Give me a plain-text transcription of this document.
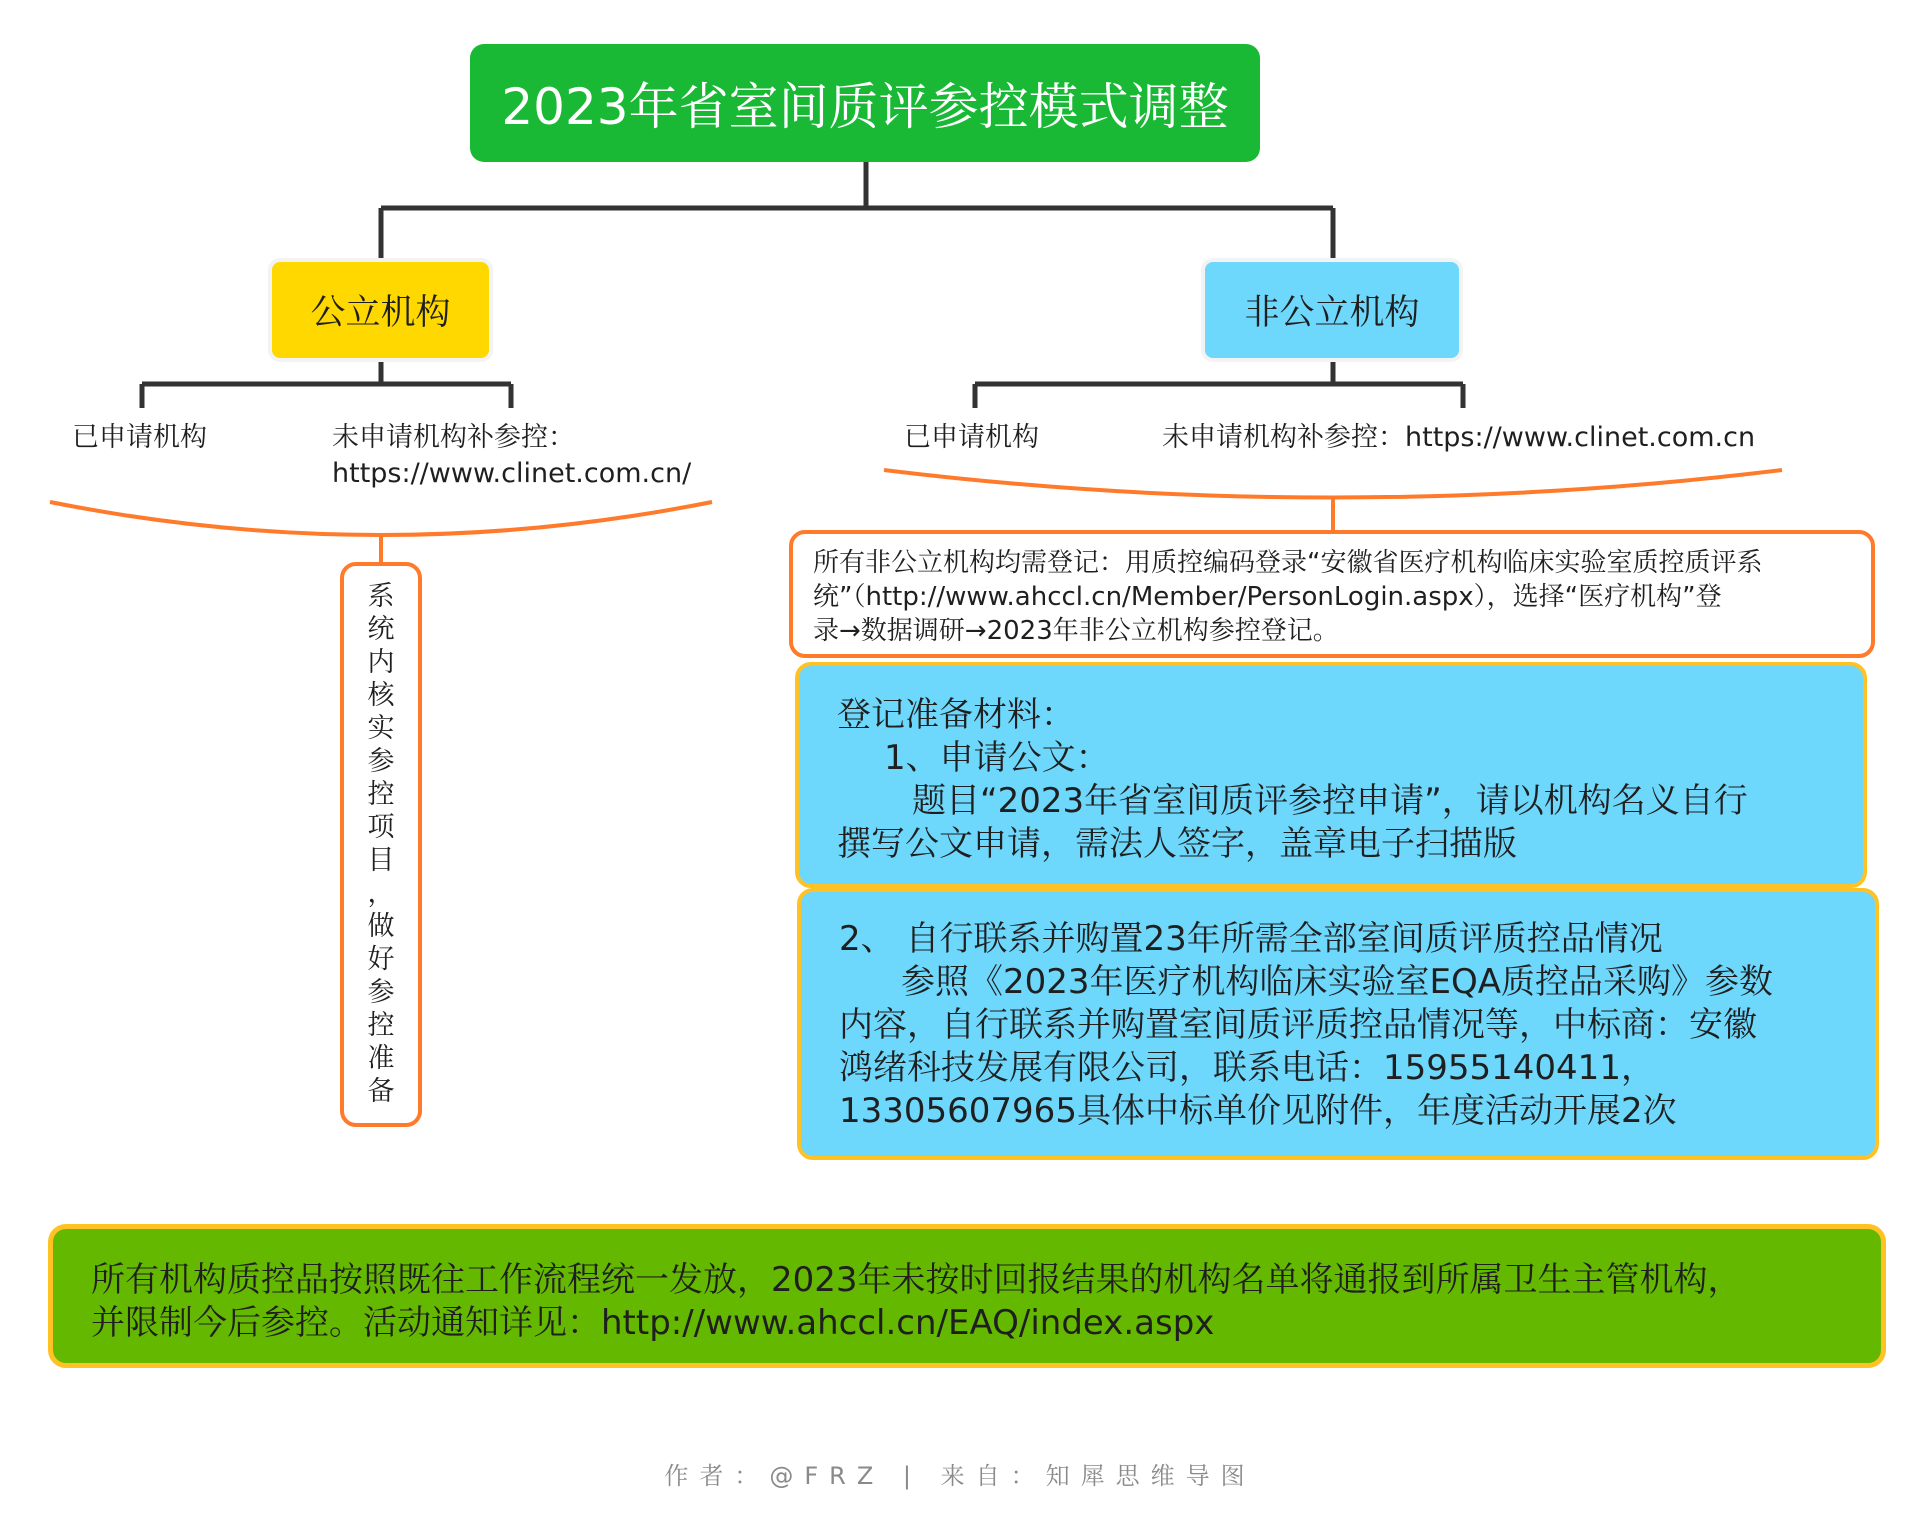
2023年省室间质评参控模式调整
公立机构	非公立机构
已申请机构	未申请机构补参控：
https://www.clinet.com.cn/
已申请机构	未申请机构补参控：https://www.clinet.com.cn
系
统
内
核
实
参
控
项
目
，
做
好
参
控
准
备

所有非公立机构均需登记：用质控编码登录“安徽省医疗机构临床实验室质控质评系

统”（http://www.ahccl.cn/Member/PersonLogin.aspx），选择“医疗机构”登

录→数据调研→2023年非公立机构参控登记。

登记准备材料：

1、申请公文：

题目“2023年省室间质评参控申请”，请以机构名义自行

撰写公文申请，需法人签字，盖章电子扫描版

2、 自行联系并购置23年所需全部室间质评质控品情况

参照《2023年医疗机构临床实验室EQA质控品采购》参数

内容，自行联系并购置室间质评质控品情况等，中标商：安徽

鸿绪科技发展有限公司，联系电话：15955140411，

13305607965具体中标单价见附件，年度活动开展2次

所有机构质控品按照既往工作流程统一发放，2023年未按时回报结果的机构名单将通报到所属卫生主管机构，

并限制今后参控。活动通知详见：http://www.ahccl.cn/EAQ/index.aspx

作者：@FRZ | 来自：知犀思维导图
